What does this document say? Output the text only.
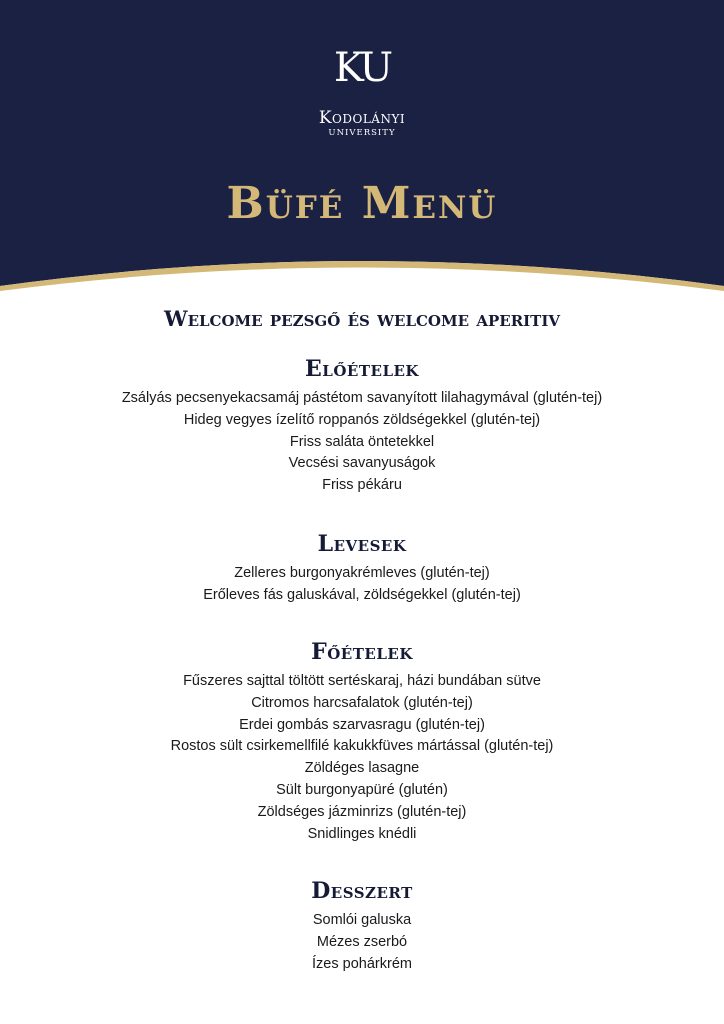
KU
Kodolányi
UNIVERSITY
Büfé Menü
Welcome pezsgő és welcome aperitiv
Előételek
Zsályás pecsenyekacsamáj pástétom savanyított lilahagymával (glutén-tej)
Hideg vegyes ízelítő roppanós zöldségekkel (glutén-tej)
Friss saláta öntetekkel
Vecsési savanyuságok
Friss pékáru
Levesek
Zelleres burgonyakrémleves (glutén-tej)
Erőleves fás galuskával, zöldségekkel (glutén-tej)
Főételek
Fűszeres sajttal töltött sertéskaraj, házi bundában sütve
Citromos harcsafalatok (glutén-tej)
Erdei gombás szarvasragu (glutén-tej)
Rostos sült csirkemellfilé kakukkfüves mártással (glutén-tej)
Zöldéges lasagne
Sült burgonyapüré (glutén)
Zöldséges jázminrizs (glutén-tej)
Snidlinges knédli
Desszert
Somlói galuska
Mézes zserbó
Ízes pohárkrém
